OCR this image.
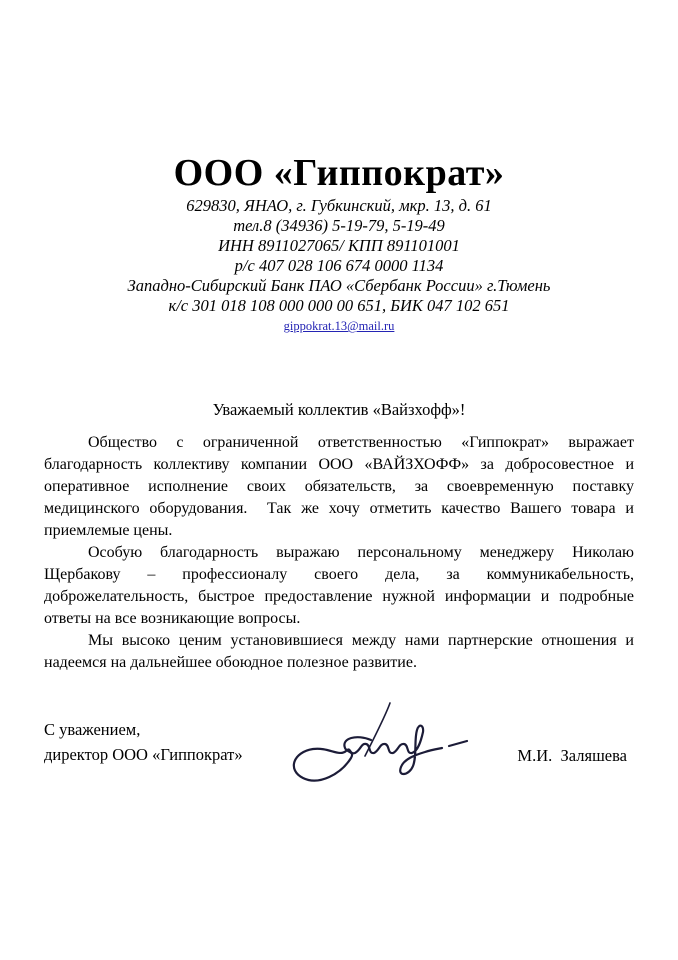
ООО «Гиппократ»
629830, ЯНАО, г. Губкинский, мкр. 13, д. 61
тел.8 (34936) 5-19-79, 5-19-49
ИНН 8911027065/ КПП 891101001
р/с 407 028 106 674 0000 1134
Западно-Сибирский Банк ПАО «Сбербанк России» г.Тюмень
к/с 301 018 108 000 000 00 651, БИК 047 102 651
gippokrat.13@mail.ru
Уважаемый коллектив «Вайзхофф»!
Общество с ограниченной ответственностью «Гиппократ» выражает
благодарность коллективу компании ООО «ВАЙЗХОФФ» за добросовестное и
оперативное исполнение своих обязательств, за своевременную поставку
медицинского оборудования.  Так же хочу отметить качество Вашего товара и
приемлемые цены.
Особую благодарность выражаю персональному менеджеру Николаю
Щербакову – профессионалу своего дела, за коммуникабельность,
доброжелательность, быстрое предоставление нужной информации и подробные
ответы на все возникающие вопросы.
Мы высоко ценим установившиеся между нами партнерские отношения и
надеемся на дальнейшее обоюдное полезное развитие.
С уважением,
директор ООО «Гиппократ»	М.И.  Заляшева
